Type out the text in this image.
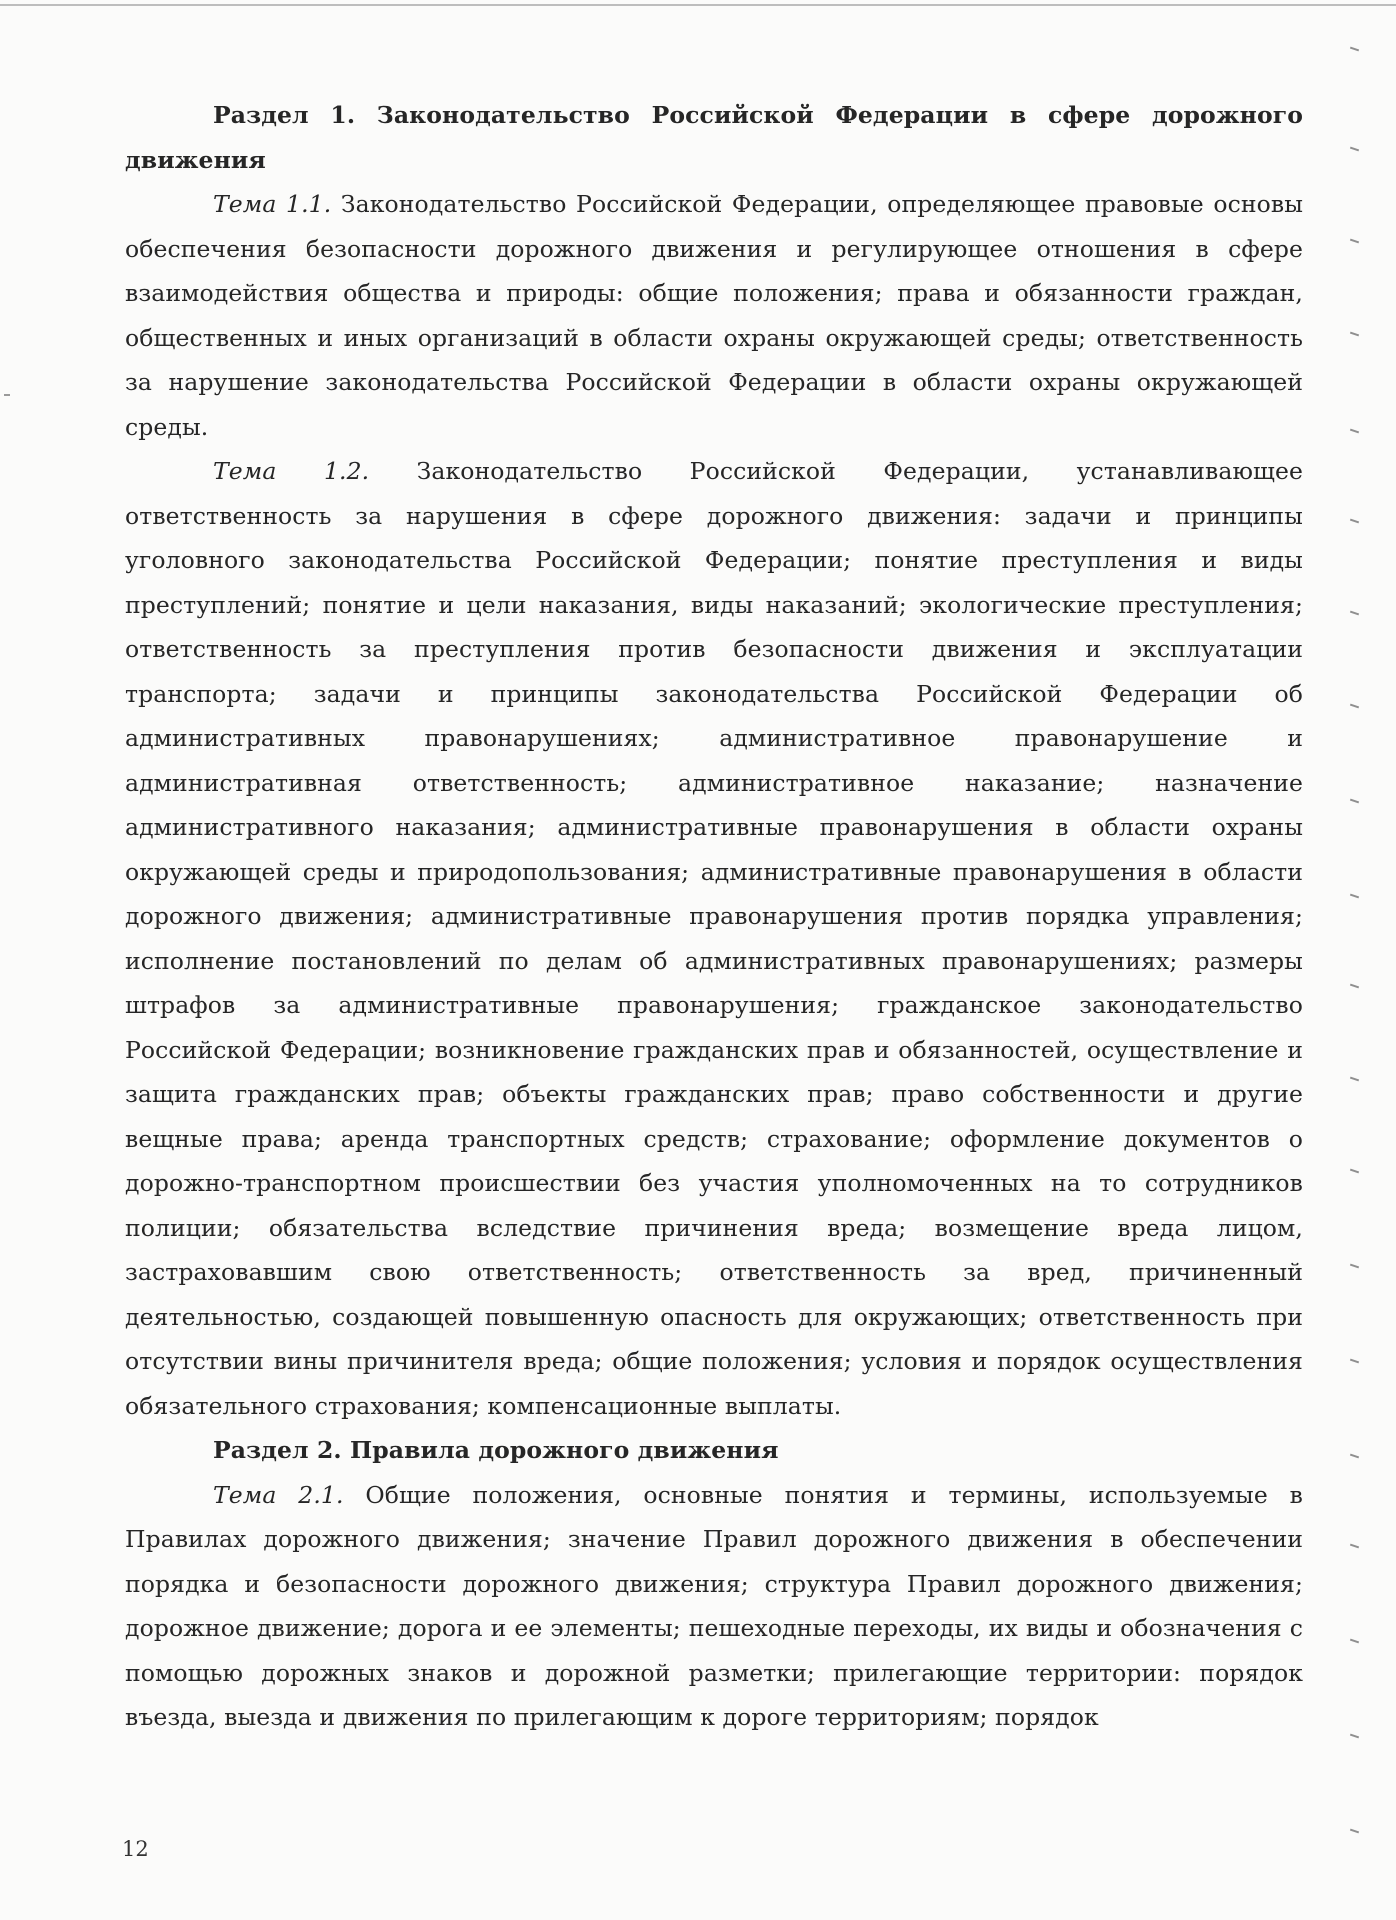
Раздел 1. Законодательство Российской Федерации в сфере дорожного движения

Тема 1.1. Законодательство Российской Федерации, определяющее правовые основы обеспечения безопасности дорожного движения и регулирующее отношения в сфере взаимодействия общества и природы: общие положения; права и обязанности граждан, общественных и иных организаций в области охраны окружающей среды; ответственность за нарушение законодательства Российской Федерации в области охраны окружающей среды.

Тема 1.2. Законодательство Российской Федерации, устанавливающее ответственность за нарушения в сфере дорожного движения: задачи и принципы уголовного законодательства Российской Федерации; понятие преступления и виды преступлений; понятие и цели наказания, виды наказаний; экологические преступления; ответственность за преступления против безопасности движения и эксплуатации транспорта; задачи и принципы законодательства Российской Федерации об административных правонарушениях; административное правонарушение и административная ответственность; административное наказание; назначение административного наказания; административные правонарушения в области охраны окружающей среды и природопользования; административные правонарушения в области дорожного движения; административные правонарушения против порядка управления; исполнение постановлений по делам об административных правонарушениях; размеры штрафов за административные правонарушения; гражданское законодательство Российской Федерации; возникновение гражданских прав и обязанностей, осуществление и защита гражданских прав; объекты гражданских прав; право собственности и другие вещные права; аренда транспортных средств; страхование; оформление документов о дорожно-транспортном происшествии без участия уполномоченных на то сотрудников полиции; обязательства вследствие причинения вреда; возмещение вреда лицом, застраховавшим свою ответственность; ответственность за вред, причиненный деятельностью, создающей повышенную опасность для окружающих; ответственность при отсутствии вины причинителя вреда; общие положения; условия и порядок осуществления обязательного страхования; компенсационные выплаты.

Раздел 2. Правила дорожного движения

Тема 2.1. Общие положения, основные понятия и термины, используемые в Правилах дорожного движения; значение Правил дорожного движения в обеспечении порядка и безопасности дорожного движения; структура Правил дорожного движения; дорожное движение; дорога и ее элементы; пешеходные переходы, их виды и обозначения с помощью дорожных знаков и дорожной разметки; прилегающие территории: порядок въезда, выезда и движения по прилегающим к дороге территориям; порядок

12
